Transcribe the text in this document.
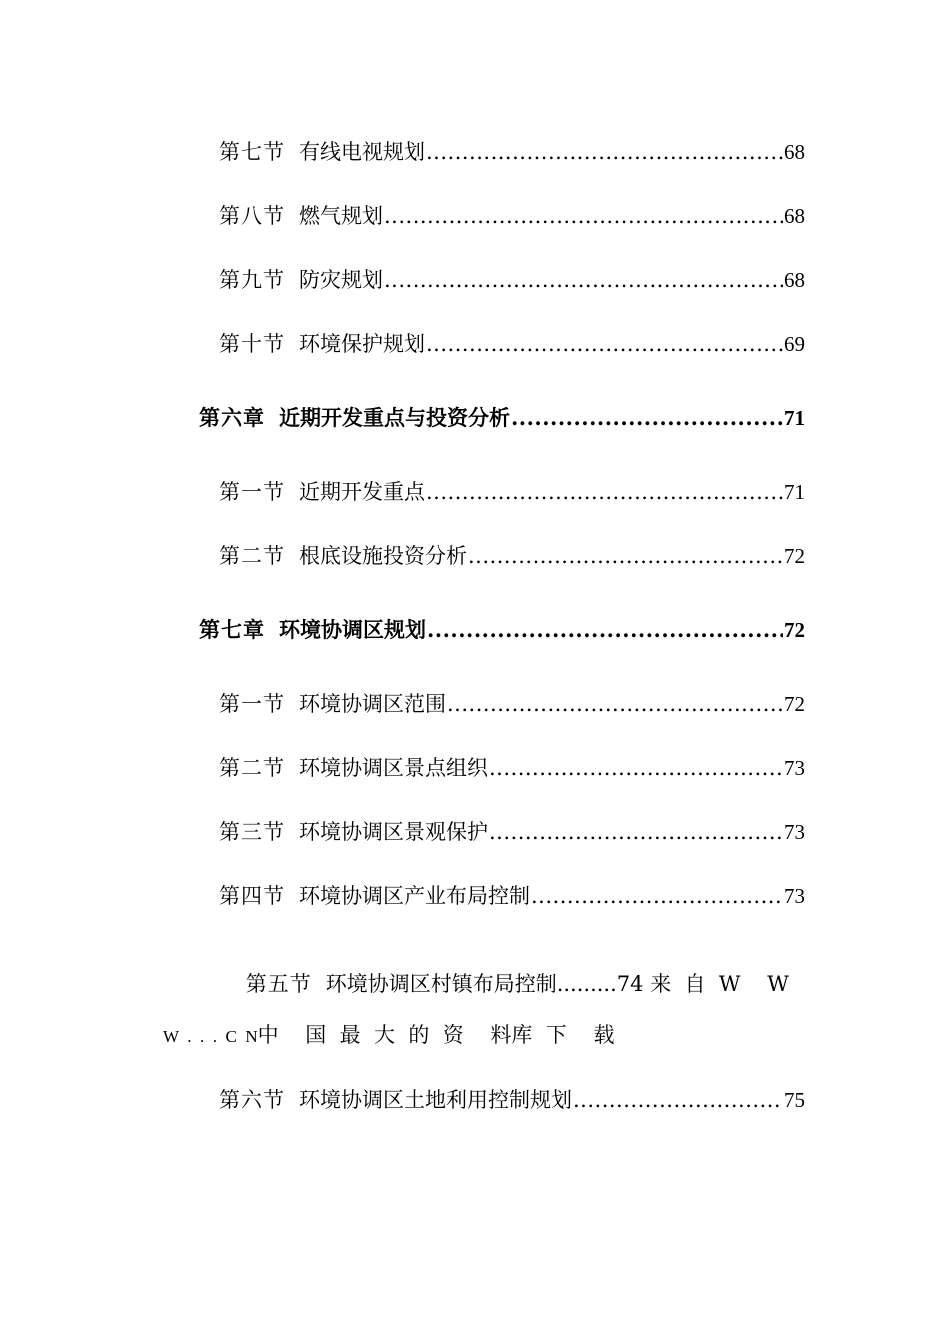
第七节 有线电视规划 .....	68
第八节 燃气规划 .....	68
第九节 防灾规划 .....	68
第十节 环境保护规划 .....	69
第六章 近期开发重点与投资分析 .....	71
第一节 近期开发重点 .....	71
第二节 根底设施投资分析 .....	72
第七章 环境协调区规划 .....	72
第一节 环境协调区范围 .....	72
第二节 环境协调区景点组织 .....	73
第三节 环境协调区景观保护 .....	73
第四节 环境协调区产业布局控制 .....	73

第五节 环境协调区村镇布局控制.........74 来  自  W    W

W  .  .  .  C  N中    国  最  大  的  资    料库  下    载
第六节 环境协调区土地利用控制规划 .....	75
